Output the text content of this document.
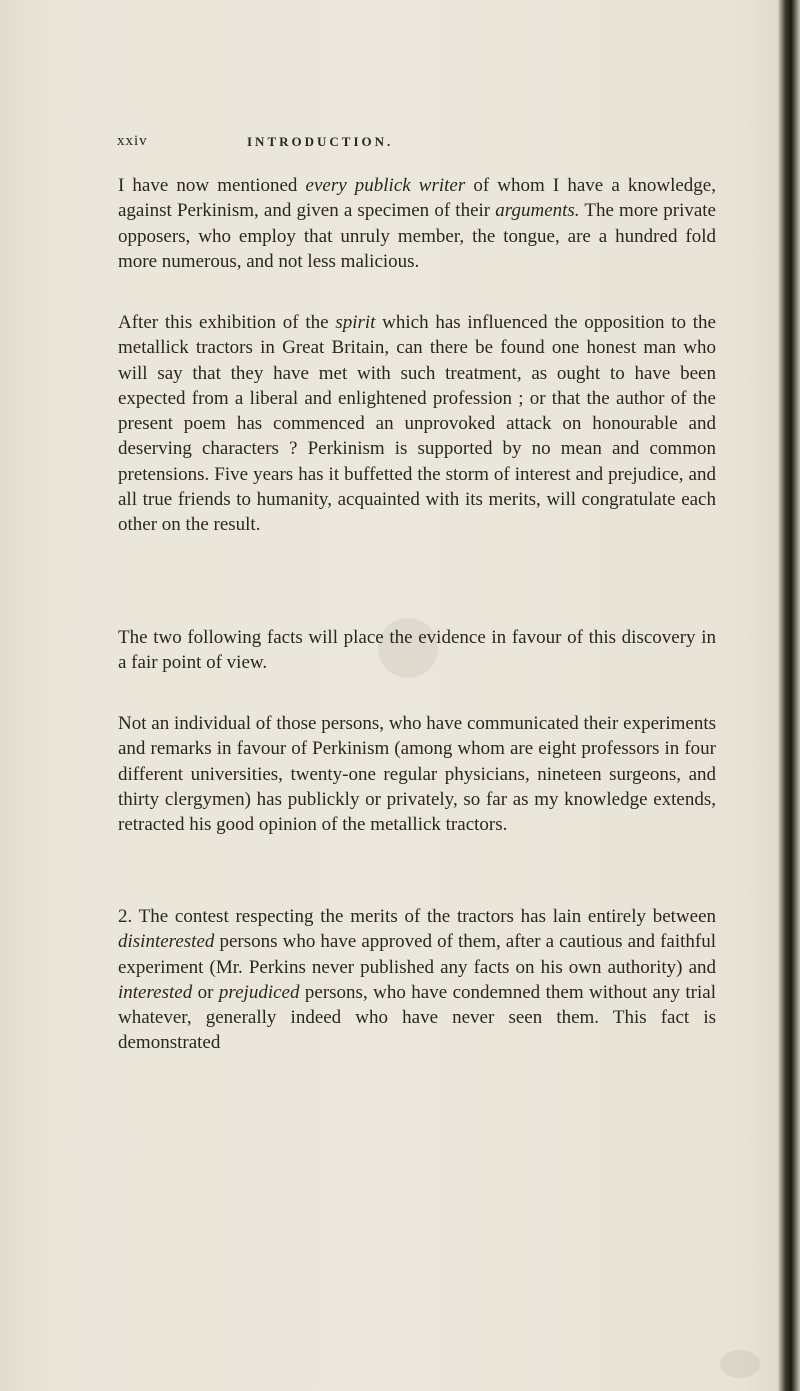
xxiv	INTRODUCTION.

I have now mentioned every publick writer of whom I have a knowledge, against Perkinism, and given a specimen of their arguments. The more private opposers, who employ that unruly member, the tongue, are a hundred fold more numerous, and not less malicious.

After this exhibition of the spirit which has influenced the opposition to the metallick tractors in Great Britain, can there be found one honest man who will say that they have met with such treatment, as ought to have been expected from a liberal and enlightened profession ; or that the author of the present poem has commenced an unprovoked attack on honourable and deserving characters ? Perkinism is supported by no mean and common pretensions. Five years has it buffetted the storm of interest and prejudice, and all true friends to humanity, acquainted with its merits, will congratulate each other on the result.

The two following facts will place the evidence in favour of this discovery in a fair point of view.

Not an individual of those persons, who have communicated their experiments and remarks in favour of Perkinism (among whom are eight professors in four different universities, twenty-one regular physicians, nineteen surgeons, and thirty clergymen) has publickly or privately, so far as my knowledge extends, retracted his good opinion of the metallick tractors.

2. The contest respecting the merits of the tractors has lain entirely between disinterested persons who have approved of them, after a cautious and faithful experiment (Mr. Perkins never published any facts on his own authority) and interested or prejudiced persons, who have condemned them without any trial whatever, generally indeed who have never seen them. This fact is demonstrated
